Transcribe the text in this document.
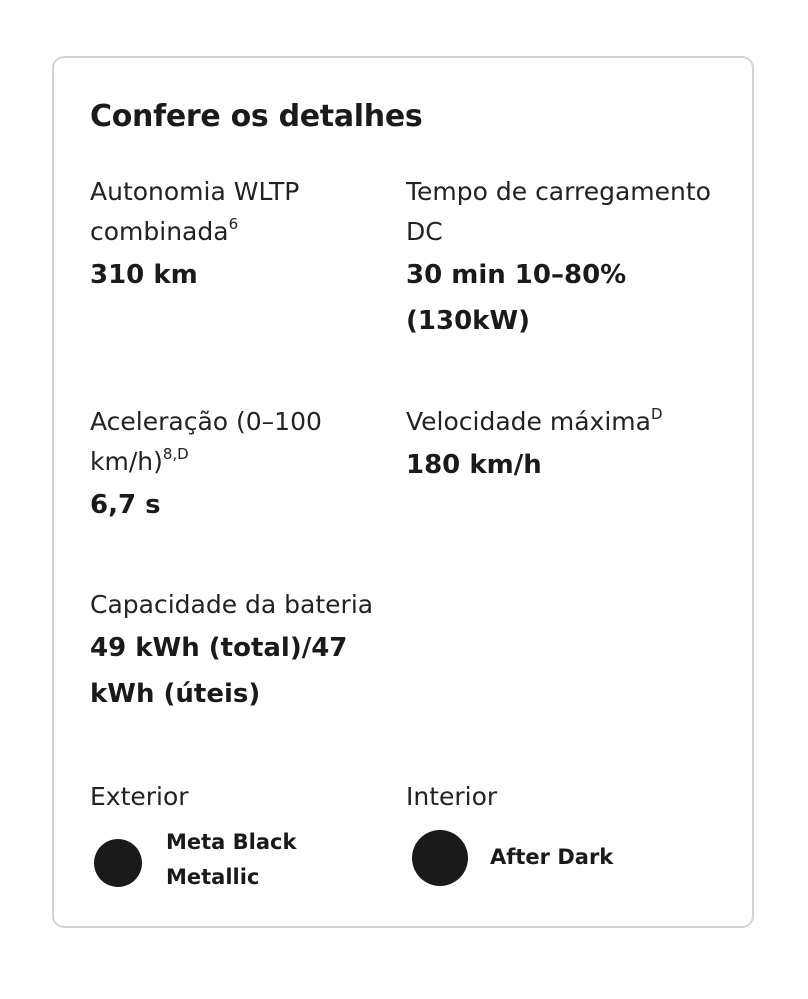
Confere os detalhes
Autonomia WLTP combinada$^6$
310 km
Tempo de carregamento DC
30 min 10–80% (130kW)
Aceleração (0–100 km/h)$^{8,D}$
6,7 s
Velocidade máxima$^D$
180 km/h
Capacidade da bateria
49 kWh (total)/47 kWh (úteis)
Exterior
Meta Black Metallic
Interior
After Dark
